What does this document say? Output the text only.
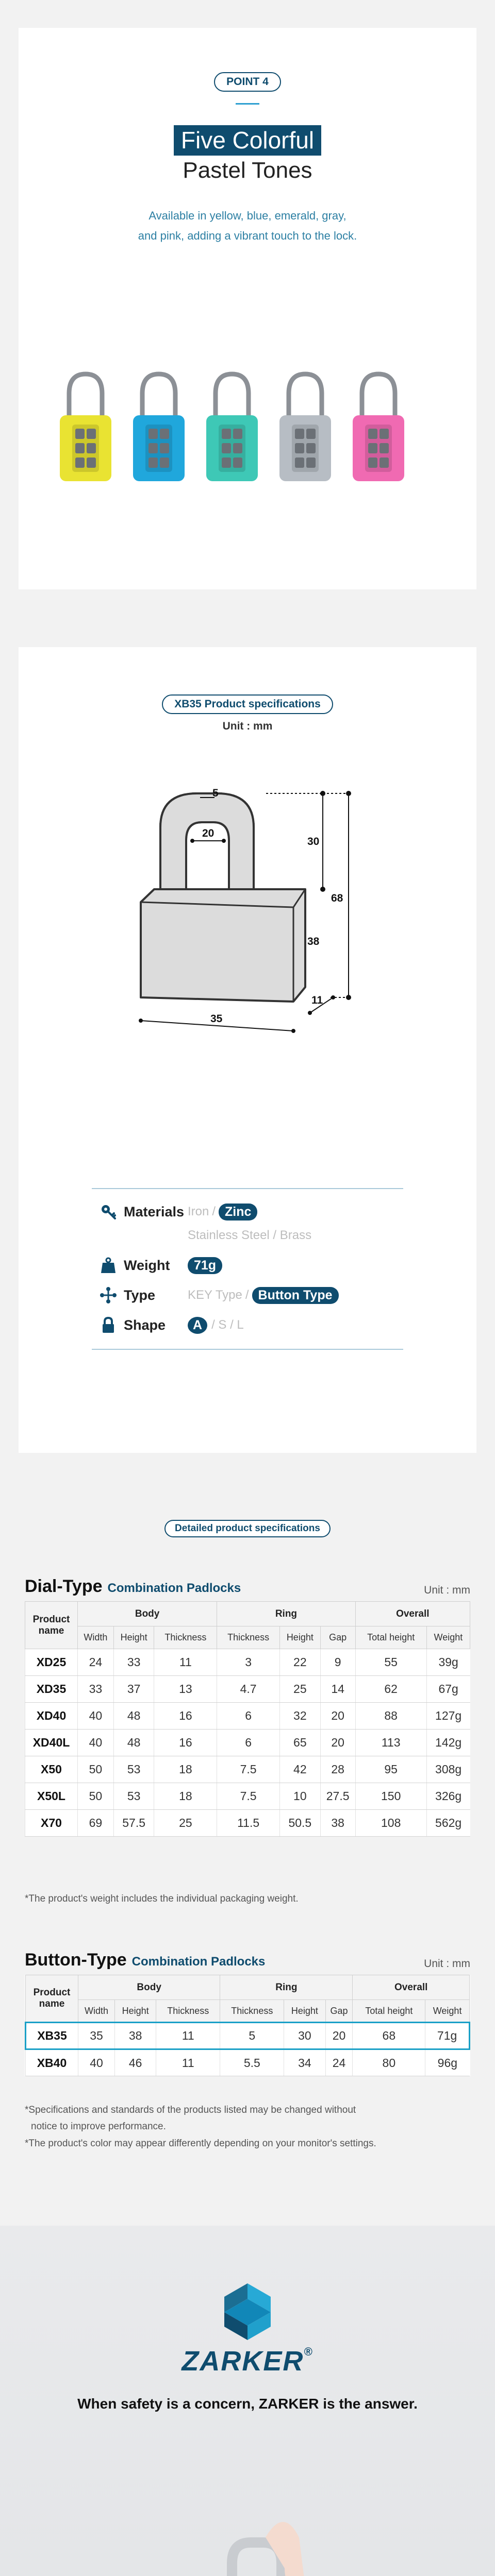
POINT 4
Five Colorful
Pastel Tones
Available in yellow, blue, emerald, gray,
and pink, adding a vibrant touch to the lock.
XB35 Product specifications
Unit : mm
5
20
30
68
38
11
35
Materials Iron / Zinc
Stainless Steel / Brass
Weight	71g
Type	KEY Type / Button Type
Shape	A / S / L
Detailed product specifications
Dial-Type Combination Padlocks	Unit : mm
Product name	Body			Ring			Overall	
	Width	Height	Thickness	Thickness	Height	Gap	Total height	Weight
XD25	24	33	11	3	22	9	55	39g
XD35	33	37	13	4.7	25	14	62	67g
XD40	40	48	16	6	32	20	88	127g
XD40L	40	48	16	6	65	20	113	142g
X50	50	53	18	7.5	42	28	95	308g
X50L	50	53	18	7.5	10	27.5	150	326g
X70	69	57.5	25	11.5	50.5	38	108	562g
*The product's weight includes the individual packaging weight.
Button-Type Combination Padlocks	Unit : mm
Product name	Body			Ring			Overall	
	Width	Height	Thickness	Thickness	Height	Gap	Total height	Weight
XB35	35	38	11	5	30	20	68	71g
XB40	40	46	11	5.5	34	24	80	96g
*Specifications and standards of the products listed may be changed without
notice to improve performance.
*The product's color may appear differently depending on your monitor's settings.
ZARKER®
When safety is a concern, ZARKER is the answer.
